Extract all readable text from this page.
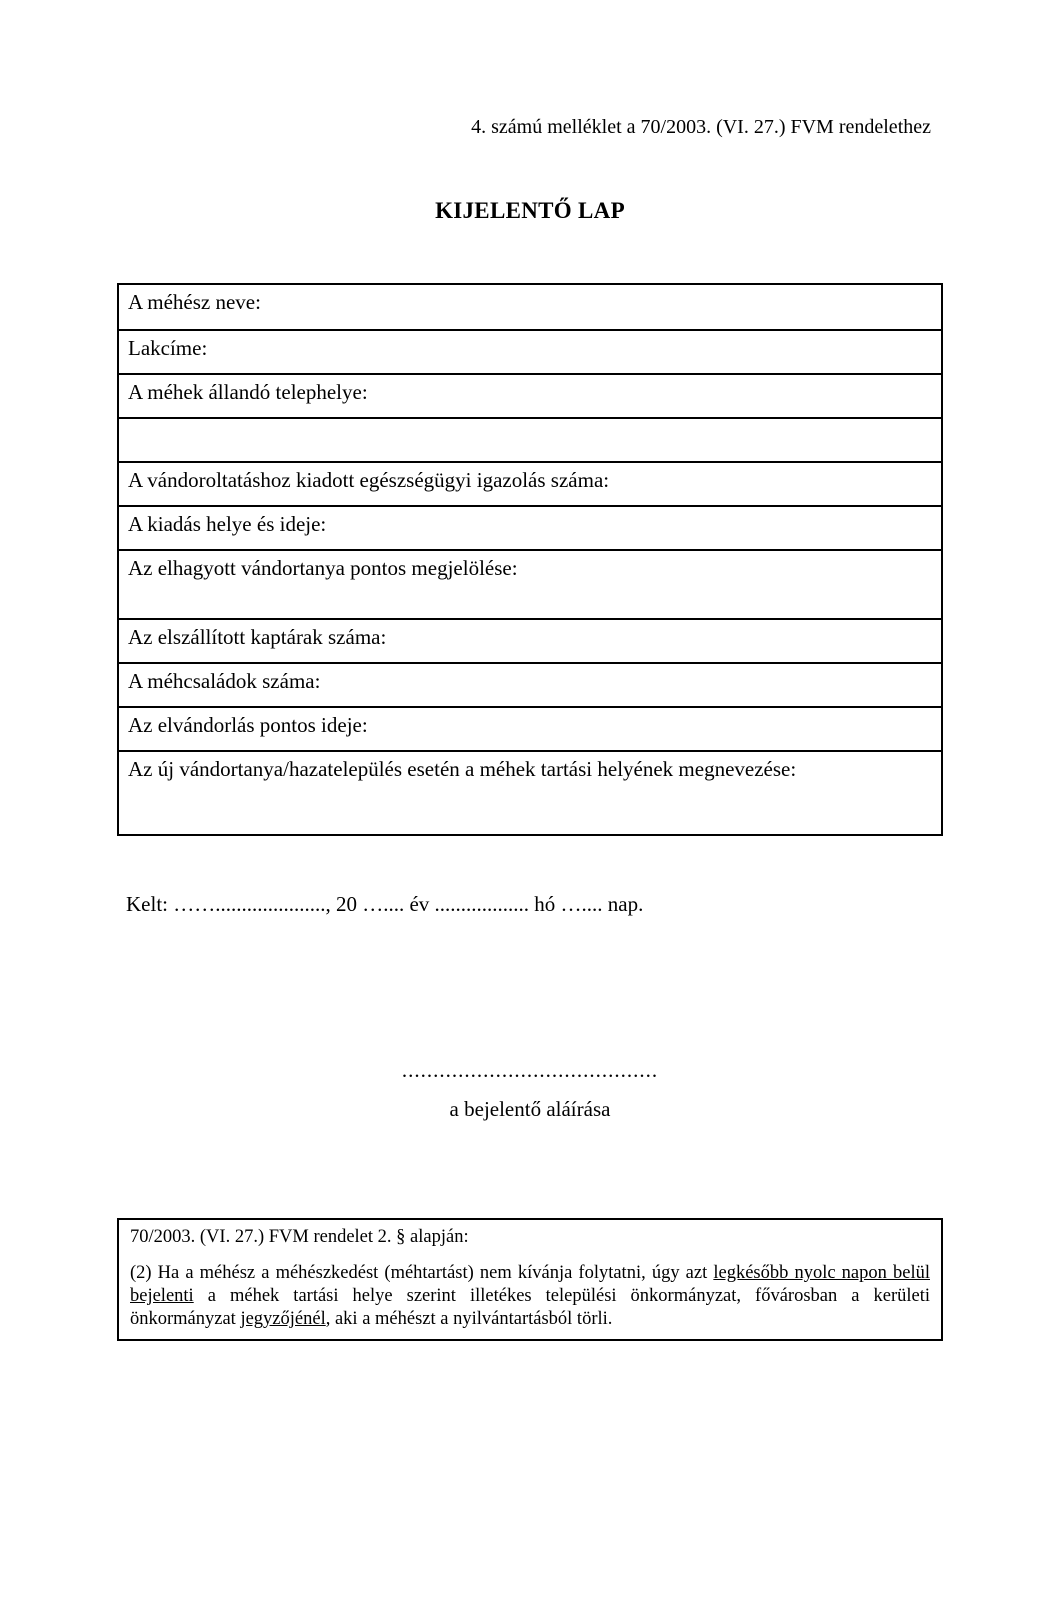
4. számú melléklet a 70/2003. (VI. 27.) FVM rendelethez
KIJELENTŐ LAP
A méhész neve:
Lakcíme:
A méhek állandó telephelye:
A vándoroltatáshoz kiadott egészségügyi igazolás száma:
A kiadás helye és ideje:
Az elhagyott vándortanya pontos megjelölése:
Az elszállított kaptárak száma:
A méhcsaládok száma:
Az elvándorlás pontos ideje:
Az új vándortanya/hazatelepülés esetén a méhek tartási helyének megnevezése:
Kelt: ……....................., 20 ….... év .................. hó ….... nap.
.........................................
a bejelentő aláírása

70/2003. (VI. 27.) FVM rendelet 2. § alapján:

(2) Ha a méhész a méhészkedést (méhtartást) nem kívánja folytatni, úgy azt legkésőbb nyolc napon belül bejelenti a méhek tartási helye szerint illetékes települési önkormányzat, fővárosban a kerületi önkormányzat jegyzőjénél, aki a méhészt a nyilvántartásból törli.
